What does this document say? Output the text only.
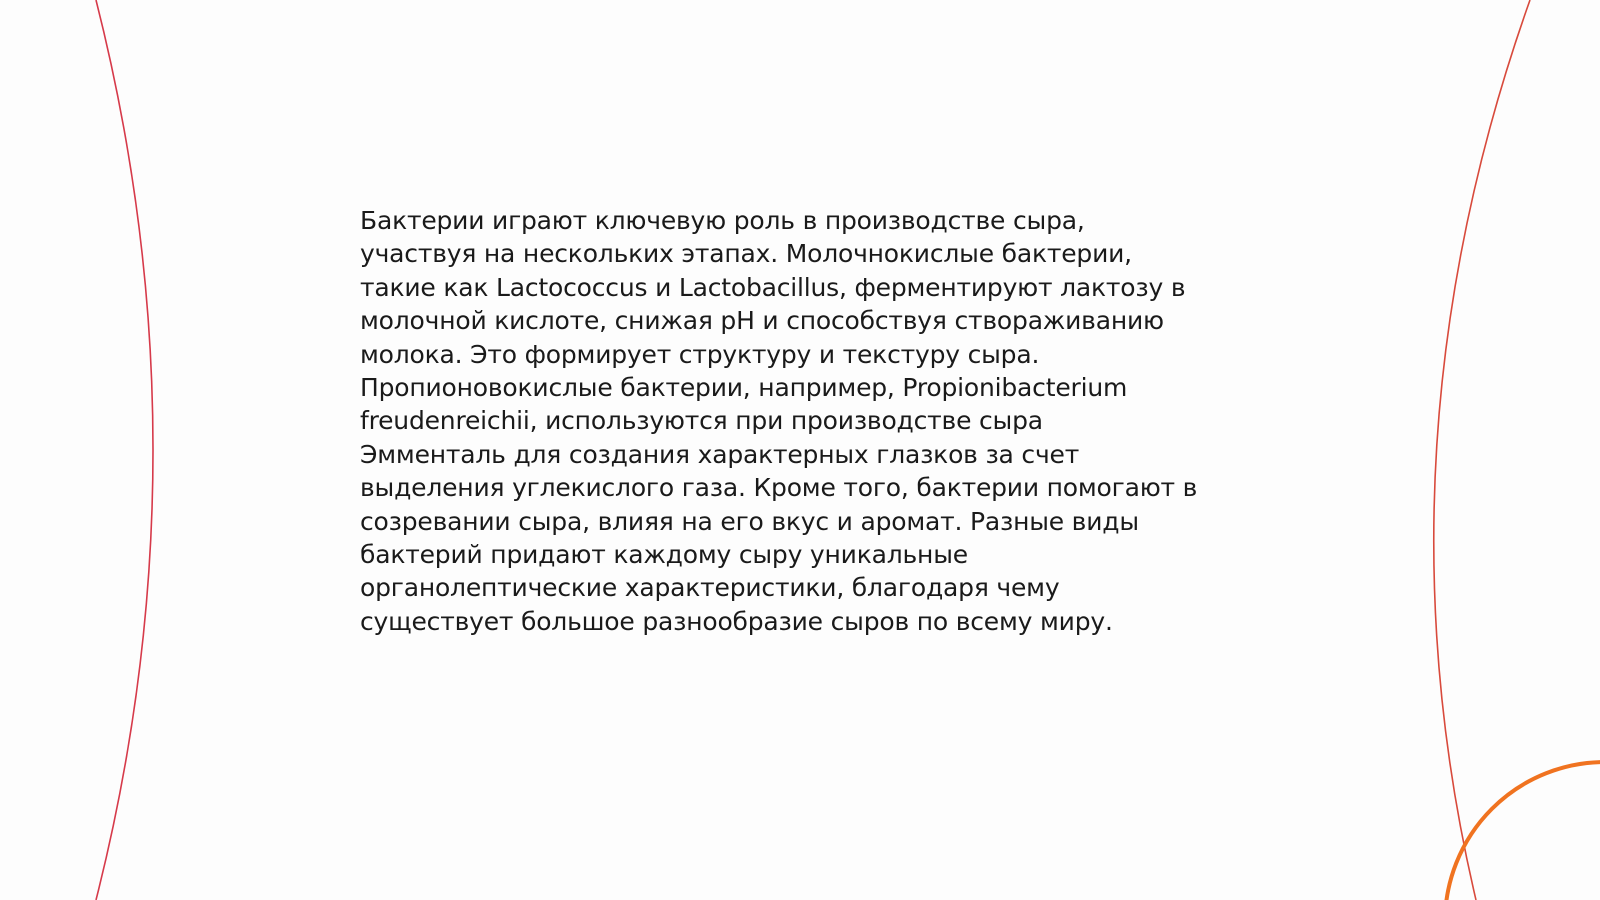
Бактерии играют ключевую роль в производстве сыра,
участвуя на нескольких этапах. Молочнокислые бактерии,
такие как Lactococcus и Lactobacillus, ферментируют лактозу в
молочной кислоте, снижая pH и способствуя створаживанию
молока. Это формирует структуру и текстуру сыра.
Пропионовокислые бактерии, например, Propionibacterium
freudenreichii, используются при производстве сыра
Эмменталь для создания характерных глазков за счет
выделения углекислого газа. Кроме того, бактерии помогают в
созревании сыра, влияя на его вкус и аромат. Разные виды
бактерий придают каждому сыру уникальные
органолептические характеристики, благодаря чему
существует большое разнообразие сыров по всему миру.
